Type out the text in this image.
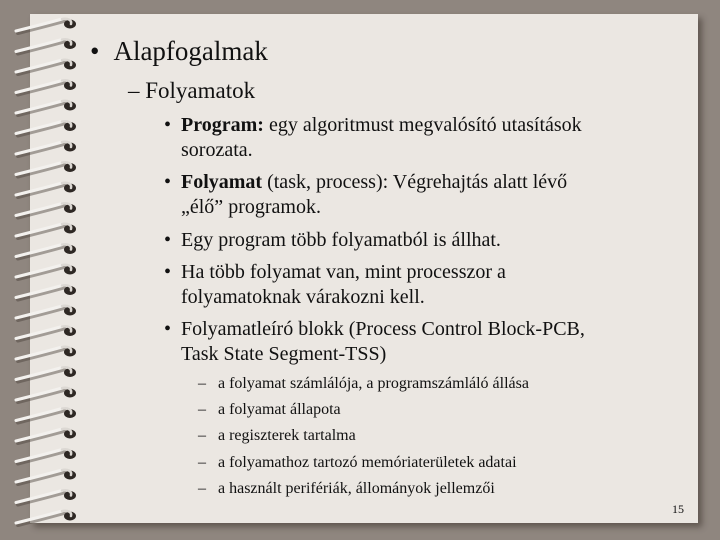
• Alapfogalmak
– Folyamatok
• Program: egy algoritmust megvalósító utasítások
sorozata.
• Folyamat (task, process): Végrehajtás alatt lévő
„élő” programok.
• Egy program több folyamatból is állhat.
• Ha több folyamat van, mint processzor a
folyamatoknak várakozni kell.
• Folyamatleíró blokk (Process Control Block-PCB,
Task State Segment-TSS)
– a folyamat számlálója, a programszámláló állása
– a folyamat állapota
– a regiszterek tartalma
– a folyamathoz tartozó memóriaterületek adatai
– a használt perifériák, állományok jellemzői
15
